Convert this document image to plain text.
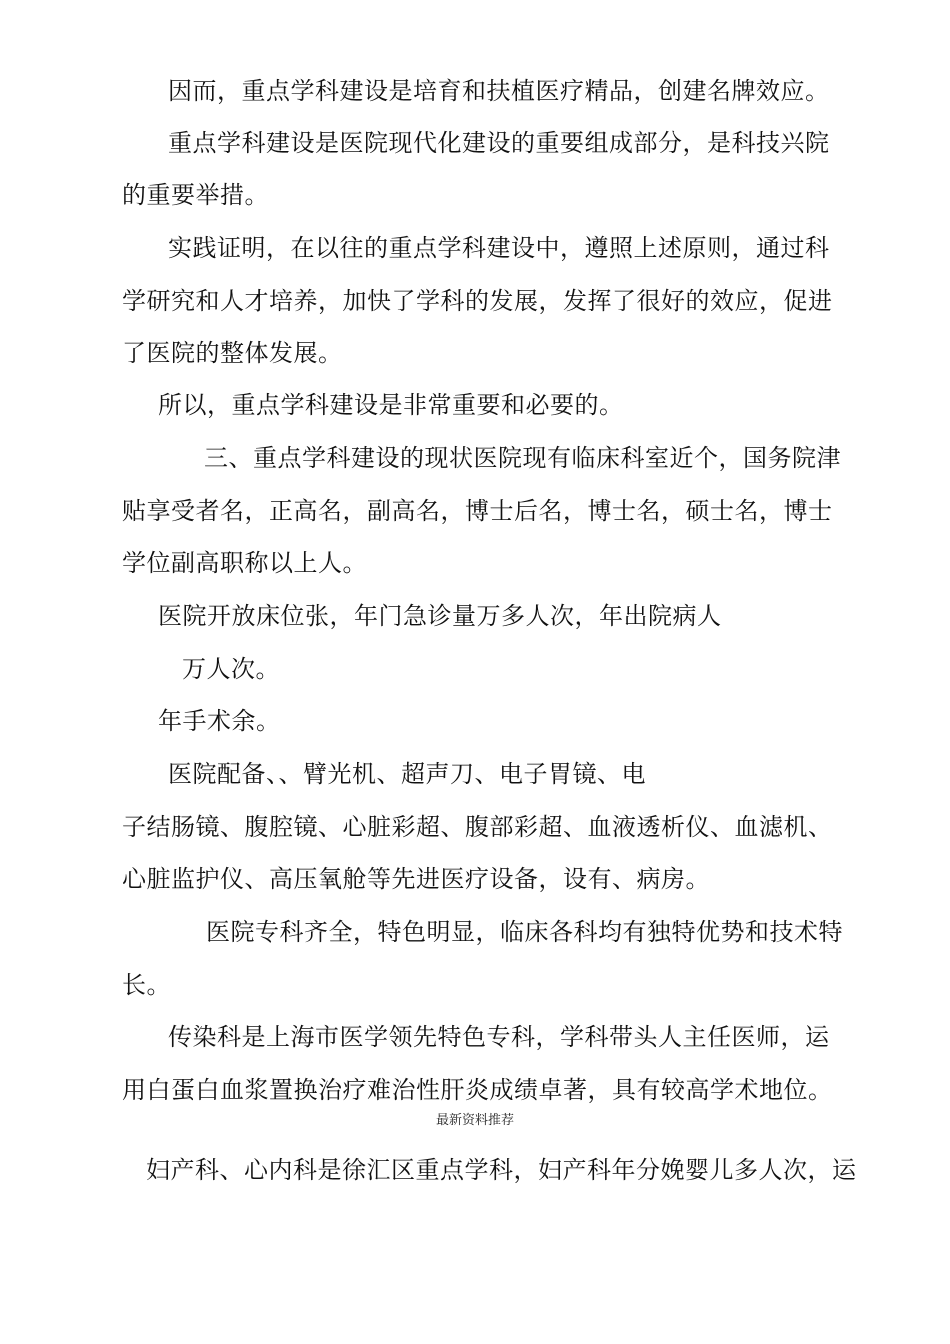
因而，重点学科建设是培育和扶植医疗精品，创建名牌效应。
重点学科建设是医院现代化建设的重要组成部分，是科技兴院
的重要举措。
实践证明，在以往的重点学科建设中，遵照上述原则，通过科
学研究和人才培养，加快了学科的发展，发挥了很好的效应，促进
了医院的整体发展。
所以，重点学科建设是非常重要和必要的。
三、重点学科建设的现状医院现有临床科室近个，国务院津
贴享受者名，正高名，副高名，博士后名，博士名，硕士名，博士
学位副高职称以上人。
医院开放床位张，年门急诊量万多人次，年出院病人
万人次。
年手术余。
医院配备、、臂光机、超声刀、电子胃镜、电
子结肠镜、腹腔镜、心脏彩超、腹部彩超、血液透析仪、血滤机、
心脏监护仪、高压氧舱等先进医疗设备，设有、病房。
医院专科齐全，特色明显，临床各科均有独特优势和技术特
长。
传染科是上海市医学领先特色专科，学科带头人主任医师，运
用白蛋白血浆置换治疗难治性肝炎成绩卓著，具有较高学术地位。
最新资料推荐
妇产科、心内科是徐汇区重点学科，妇产科年分娩婴儿多人次，运
